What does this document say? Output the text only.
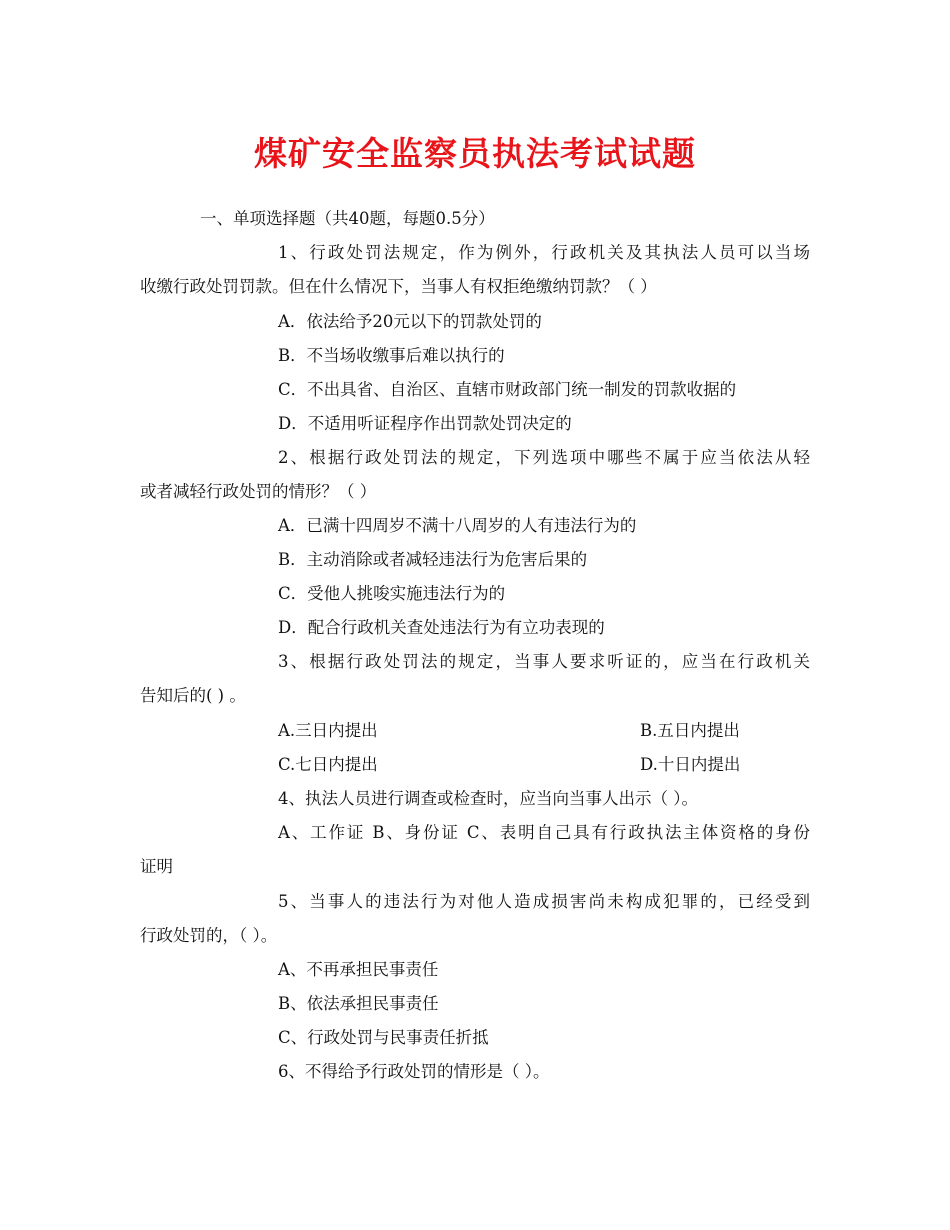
煤矿安全监察员执法考试试题
一、单项选择题（共40题，每题0.5分）
1、行政处罚法规定，作为例外，行政机关及其执法人员可以当场
收缴行政处罚罚款。但在什么情况下，当事人有权拒绝缴纳罚款？（ ）
A．依法给予20元以下的罚款处罚的
B．不当场收缴事后难以执行的
C．不出具省、自治区、直辖市财政部门统一制发的罚款收据的
D．不适用听证程序作出罚款处罚决定的
2、根据行政处罚法的规定，下列选项中哪些不属于应当依法从轻
或者减轻行政处罚的情形？（ ）
A．已满十四周岁不满十八周岁的人有违法行为的
B．主动消除或者减轻违法行为危害后果的
C．受他人挑唆实施违法行为的
D．配合行政机关查处违法行为有立功表现的
3、根据行政处罚法的规定，当事人要求听证的，应当在行政机关
告知后的( ) 。
A.三日内提出	B.五日内提出
C.七日内提出	D.十日内提出
4、执法人员进行调查或检查时，应当向当事人出示（ ）。
A、工作证 B、身份证 C、表明自己具有行政执法主体资格的身份
证明
5、当事人的违法行为对他人造成损害尚未构成犯罪的，已经受到
行政处罚的，（ ）。
A、不再承担民事责任
B、依法承担民事责任
C、行政处罚与民事责任折抵
6、不得给予行政处罚的情形是（ ）。
